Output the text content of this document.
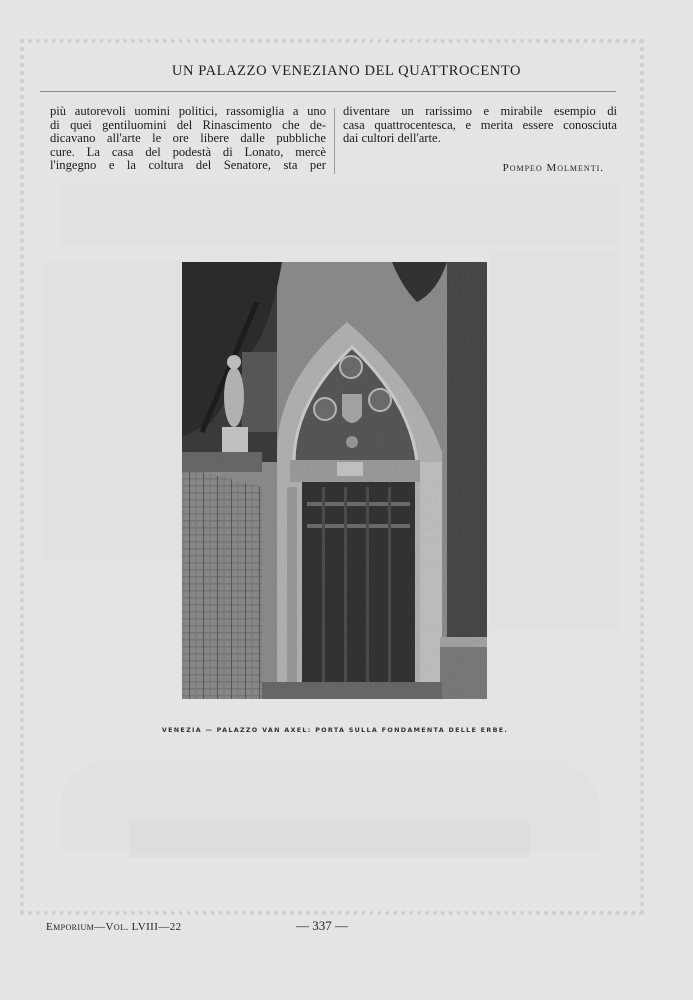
UN PALAZZO VENEZIANO DEL QUATTROCENTO
più autorevoli uomini politici, rassomiglia a uno
di quei gentiluomini del Rinascimento che de-
dicavano all'arte le ore libere dalle pubbliche
cure. La casa del podestà di Lonato, mercè
l'ingegno e la coltura del Senatore, sta per
diventare un rarissimo e mirabile esempio di
casa quattrocentesca, e merita essere conosciuta
dai cultori dell'arte.
Pompeo Molmenti.
VENEZIA — PALAZZO VAN AXEL: PORTA SULLA FONDAMENTA DELLE ERBE.
Emporium—Vol. LVIII—22	— 337 —
